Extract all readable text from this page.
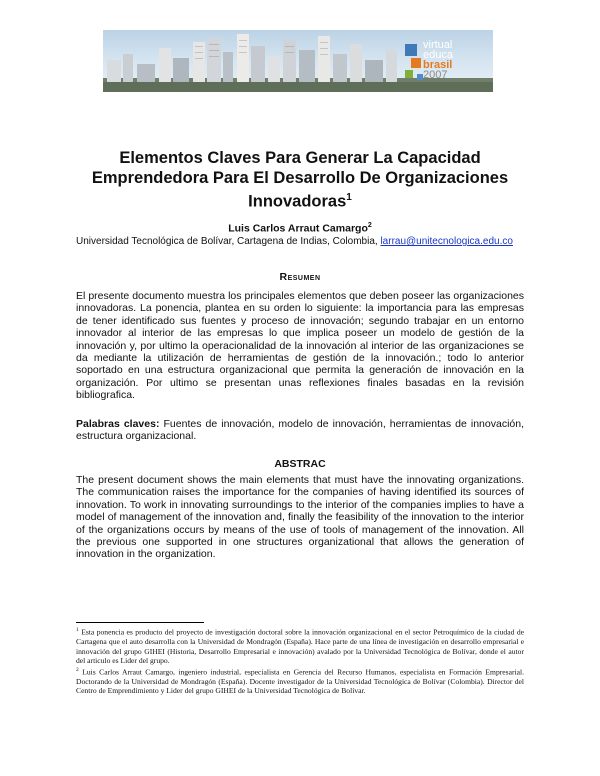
virtual
educa
brasil
2007
Elementos Claves Para Generar La Capacidad
Emprendedora Para El Desarrollo De Organizaciones
Innovadoras$^1$
Luis Carlos Arraut Camargo$^2$
Universidad Tecnológica de Bolívar, Cartagena de Indias, Colombia, larrau@unitecnologica.edu.co
Resumen
El presente documento muestra los principales elementos que deben poseer las organizaciones innovadoras. La ponencia, plantea en su orden lo siguiente: la importancia para las empresas de tener identificado sus fuentes y proceso de innovación; segundo trabajar en un entorno innovador al interior de las empresas lo que implica poseer un modelo de gestión de la innovación y, por ultimo la operacionalidad de la innovación al interior de las organizaciones se da mediante la utilización de herramientas de gestión de la innovación.; todo lo anterior soportado en una estructura organizacional que permita la generación de innovación en la organización. Por ultimo se presentan unas reflexiones finales basadas en la revisión bibliografica.
Palabras claves: Fuentes de innovación, modelo de innovación, herramientas de innovación, estructura organizacional.
ABSTRAC
The present document shows the main elements that must have the innovating organizations. The communication raises the importance for the companies of having identified its sources of innovation. To work in innovating surroundings to the interior of the companies implies to have a model of management of the innovation and, finally the feasibility of the innovation to the interior of the organizations occurs by means of the use of tools of management of the innovation. All the previous one supported in one structures organizational that allows the generation of innovation in the organization.

$^1$ Esta ponencia es producto del proyecto de investigación doctoral sobre la innovación organizacional en el sector Petroquímico de la ciudad de Cartagena que el auto desarrolla con la Universidad de Mondragón (España). Hace parte de una línea de investigación en desarrollo empresarial e innovación del grupo GIHEI (Historia, Desarrollo Empresarial e innovación) avalado por la Universidad Tecnológica de Bolívar, donde el autor del articulo es Lider del grupo.

$^2$ Luis Carlos Arraut Camargo, ingeniero industrial, especialista en Gerencia del Recurso Humanos, especialista en Formación Empresarial. Doctorando de la Universidad de Mondragón (España). Docente investigador de la Universidad Tecnológica de Bolívar (Colombia). Director del Centro de Emprendimiento y Lider del grupo GIHEI de la Universidad Tecnológica de Bolívar.
